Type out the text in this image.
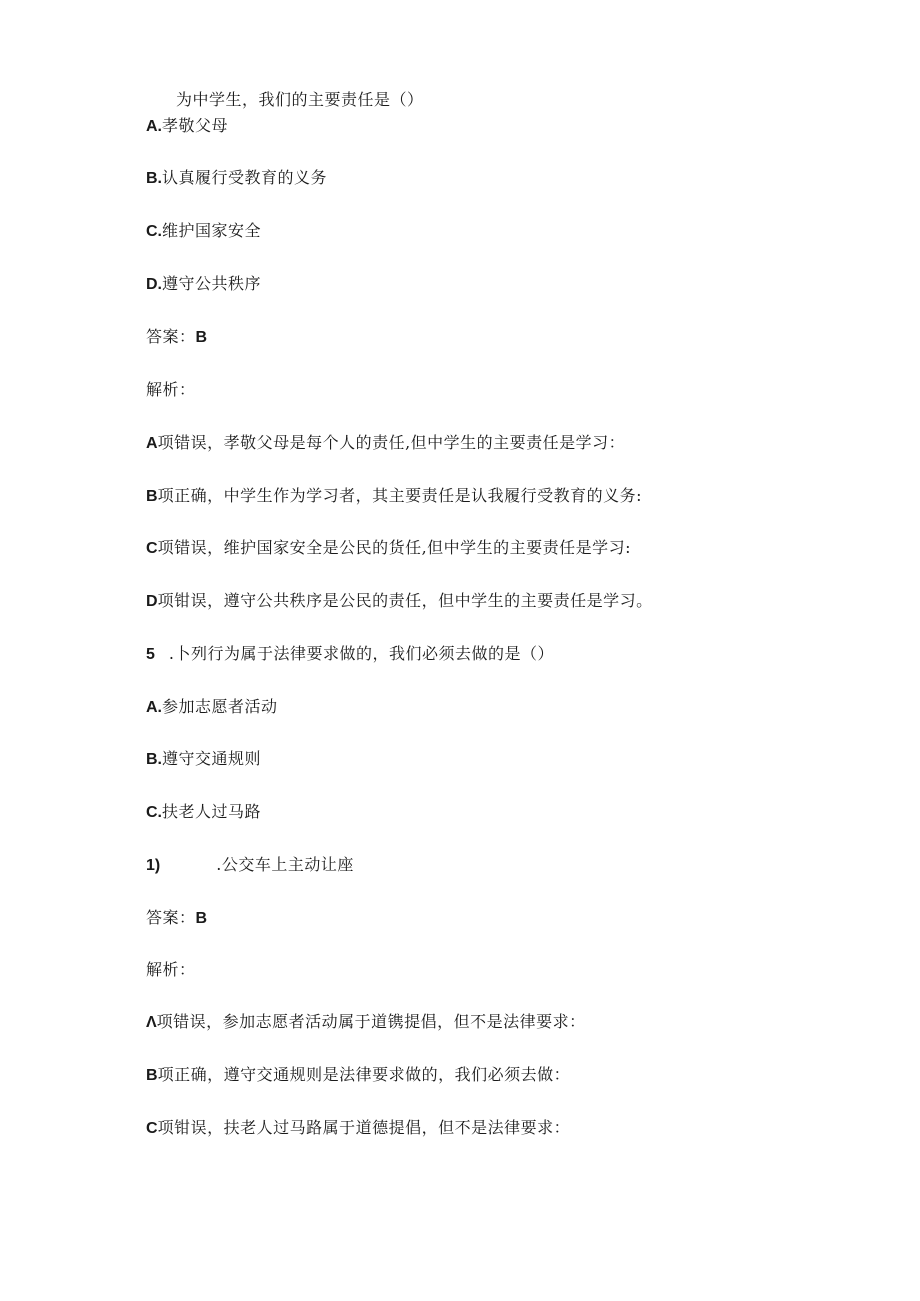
为中学生，我们的主要责任是（）
A.孝敬父母
B.认真履行受教育的义务
C.维护国家安全
D.遵守公共秩序
答案：B
解析：
A项错误，孝敬父母是每个人的责任,但中学生的主要责任是学习：
B项正确，中学生作为学习者，其主要责任是认我履行受教育的义务:
C项错误，维护国家安全是公民的货任,但中学生的主要责任是学习:
D项钳误，遵守公共秩序是公民的责任，但中学生的主要责任是学习。
5 .卜列行为属于法律要求做的，我们必须去做的是（）
A.参加志愿者活动
B.遵守交通规则
C.扶老人过马路
1)	.公交车上主动让座
答案：B
解析：
Λ项错误，参加志愿者活动属于道镌提倡，但不是法律要求：
B项正确，遵守交通规则是法律要求做的，我们必须去做：
C项钳误，扶老人过马路属于道德提倡，但不是法律要求：
